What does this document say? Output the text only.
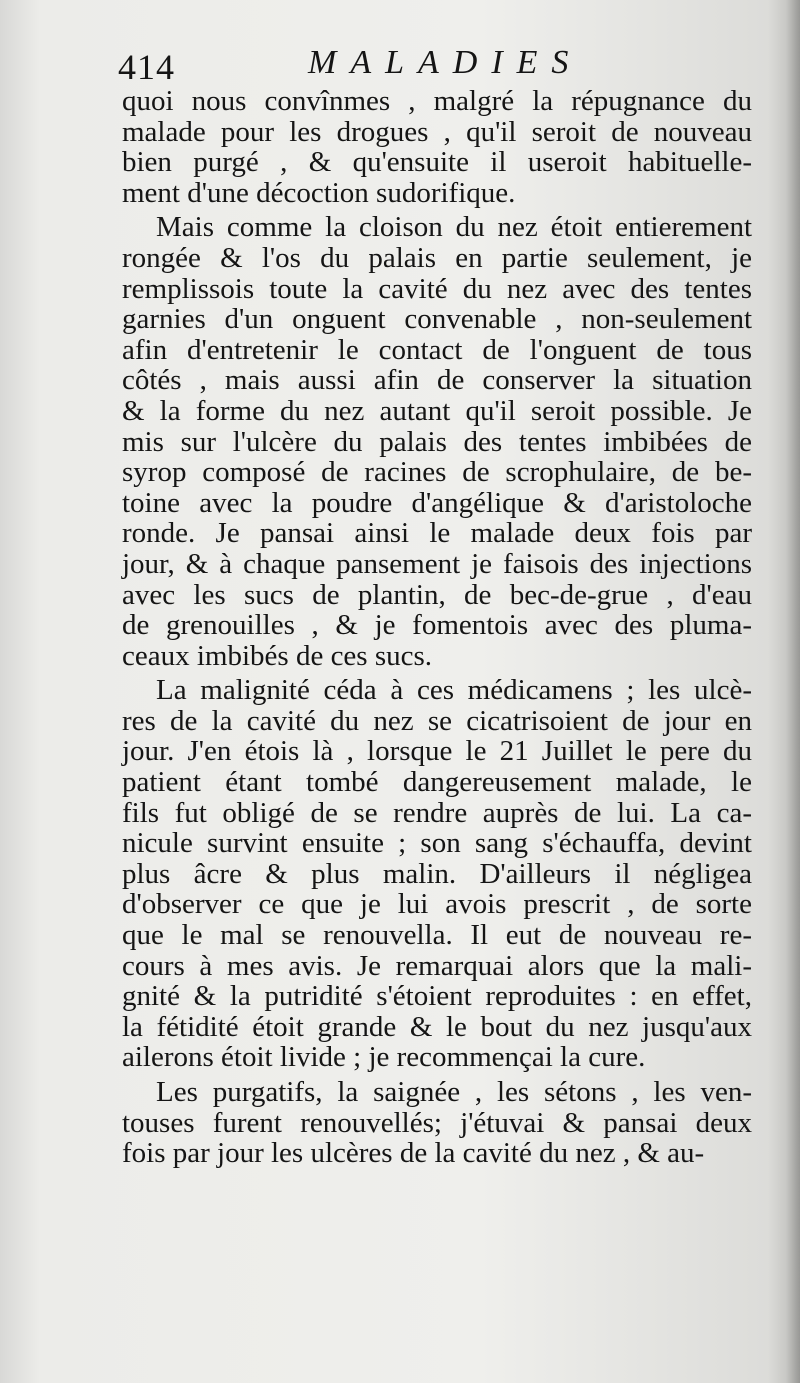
414	MALADIES
quoi nous convînmes , malgré la répugnance du
malade pour les drogues , qu'il seroit de nouveau
bien purgé , & qu'ensuite il useroit habituelle-
ment d'une décoction sudorifique.
Mais comme la cloison du nez étoit entierement
rongée & l'os du palais en partie seulement, je
remplissois toute la cavité du nez avec des tentes
garnies d'un onguent convenable , non-seulement
afin d'entretenir le contact de l'onguent de tous
côtés , mais aussi afin de conserver la situation
& la forme du nez autant qu'il seroit possible. Je
mis sur l'ulcère du palais des tentes imbibées de
syrop composé de racines de scrophulaire, de be-
toine avec la poudre d'angélique & d'aristoloche
ronde. Je pansai ainsi le malade deux fois par
jour, & à chaque pansement je faisois des injections
avec les sucs de plantin, de bec-de-grue , d'eau
de grenouilles , & je fomentois avec des pluma-
ceaux imbibés de ces sucs.
La malignité céda à ces médicamens ; les ulcè-
res de la cavité du nez se cicatrisoient de jour en
jour. J'en étois là , lorsque le 21 Juillet le pere du
patient étant tombé dangereusement malade, le
fils fut obligé de se rendre auprès de lui. La ca-
nicule survint ensuite ; son sang s'échauffa, devint
plus âcre & plus malin. D'ailleurs il négligea
d'observer ce que je lui avois prescrit , de sorte
que le mal se renouvella. Il eut de nouveau re-
cours à mes avis. Je remarquai alors que la mali-
gnité & la putridité s'étoient reproduites : en effet,
la fétidité étoit grande & le bout du nez jusqu'aux
ailerons étoit livide ; je recommençai la cure.
Les purgatifs, la saignée , les sétons , les ven-
touses furent renouvellés; j'étuvai & pansai deux
fois par jour les ulcères de la cavité du nez , & au-
